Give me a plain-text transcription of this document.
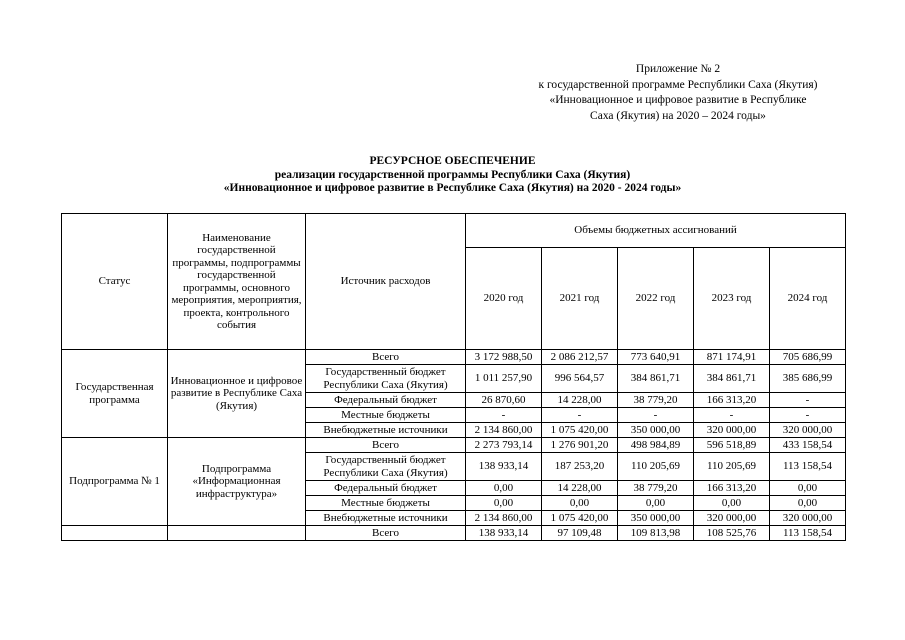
Приложение № 2
к государственной программе Республики Саха (Якутия)
«Инновационное и цифровое развитие в Республике
Саха (Якутия) на 2020 – 2024 годы»
РЕСУРСНОЕ ОБЕСПЕЧЕНИЕ
реализации государственной программы Республики Саха (Якутия)
«Инновационное и цифровое развитие в Республике Саха (Якутия) на 2020 - 2024 годы»
Статус	Наименование государственной программы, подпрограммы государственной программы, основного мероприятия, мероприятия, проекта, контрольного события	Источник расходов	Объемы бюджетных ассигнований				
			2020 год	2021 год	2022 год	2023 год	2024 год
Государственная программа	Инновационное и цифровое развитие в Республике Саха (Якутия)	Всего	3 172 988,50	2 086 212,57	773 640,91	871 174,91	705 686,99
		Государственный бюджет Республики Саха (Якутия)	1 011 257,90	996 564,57	384 861,71	384 861,71	385 686,99
		Федеральный бюджет	26 870,60	14 228,00	38 779,20	166 313,20	-
		Местные бюджеты	-	-	-	-	-
		Внебюджетные источники	2 134 860,00	1 075 420,00	350 000,00	320 000,00	320 000,00
Подпрограмма № 1	Подпрограмма «Информационная инфраструктура»	Всего	2 273 793,14	1 276 901,20	498 984,89	596 518,89	433 158,54
		Государственный бюджет Республики Саха (Якутия)	138 933,14	187 253,20	110 205,69	110 205,69	113 158,54
		Федеральный бюджет	0,00	14 228,00	38 779,20	166 313,20	0,00
		Местные бюджеты	0,00	0,00	0,00	0,00	0,00
		Внебюджетные источники	2 134 860,00	1 075 420,00	350 000,00	320 000,00	320 000,00
		Всего	138 933,14	97 109,48	109 813,98	108 525,76	113 158,54
